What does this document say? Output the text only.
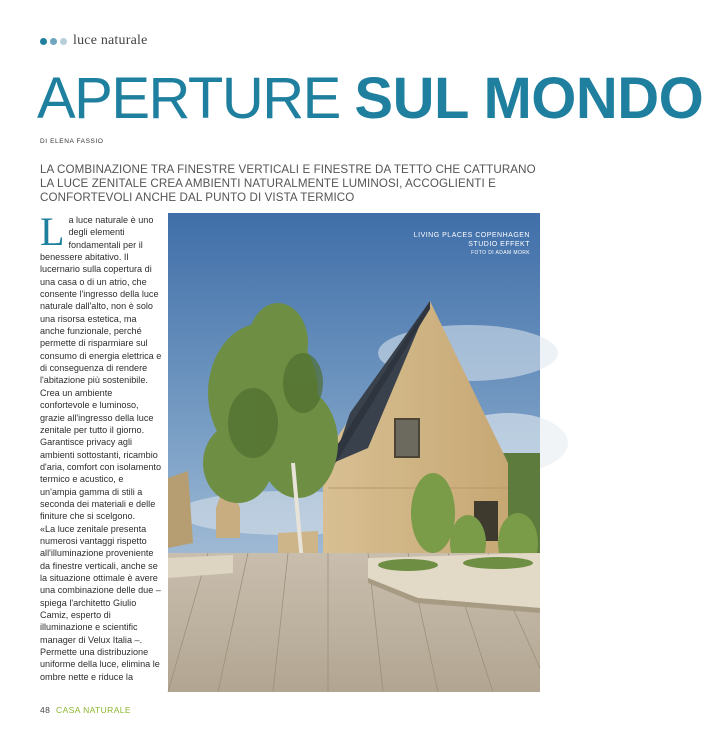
luce naturale
APERTURE SUL MONDO
DI ELENA FASSIO

LA COMBINAZIONE TRA FINESTRE VERTICALI E FINESTRE DA TETTO CHE CATTURANO LA LUCE ZENITALE CREA AMBIENTI NATURALMENTE LUMINOSI, ACCOGLIENTI E CONFORTEVOLI ANCHE DAL PUNTO DI VISTA TERMICO

La luce naturale è uno degli elementi fondamentali per il benessere abitativo. Il lucernario sulla copertura di una casa o di un atrio, che consente l'ingresso della luce naturale dall'alto, non è solo una risorsa estetica, ma anche funzionale, perché permette di risparmiare sul consumo di energia elettrica e di conseguenza di rendere l'abitazione più sostenibile. Crea un ambiente confortevole e luminoso, grazie all'ingresso della luce zenitale per tutto il giorno. Garantisce privacy agli ambienti sottostanti, ricambio d'aria, comfort con isolamento termico e acustico, e un'ampia gamma di stili a seconda dei materiali e delle finiture che si scelgono.

«La luce zenitale presenta numerosi vantaggi rispetto all'illuminazione proveniente da finestre verticali, anche se la situazione ottimale è avere una combinazione delle due – spiega l'architetto Giulio Camiz, esperto di illuminazione e scientific manager di Velux Italia –. Permette una distribuzione uniforme della luce, elimina le ombre nette e riduce la

LIVING PLACES COPENHAGEN
STUDIO EFFEKT
FOTO DI ADAM MORK
48 CASA NATURALE
